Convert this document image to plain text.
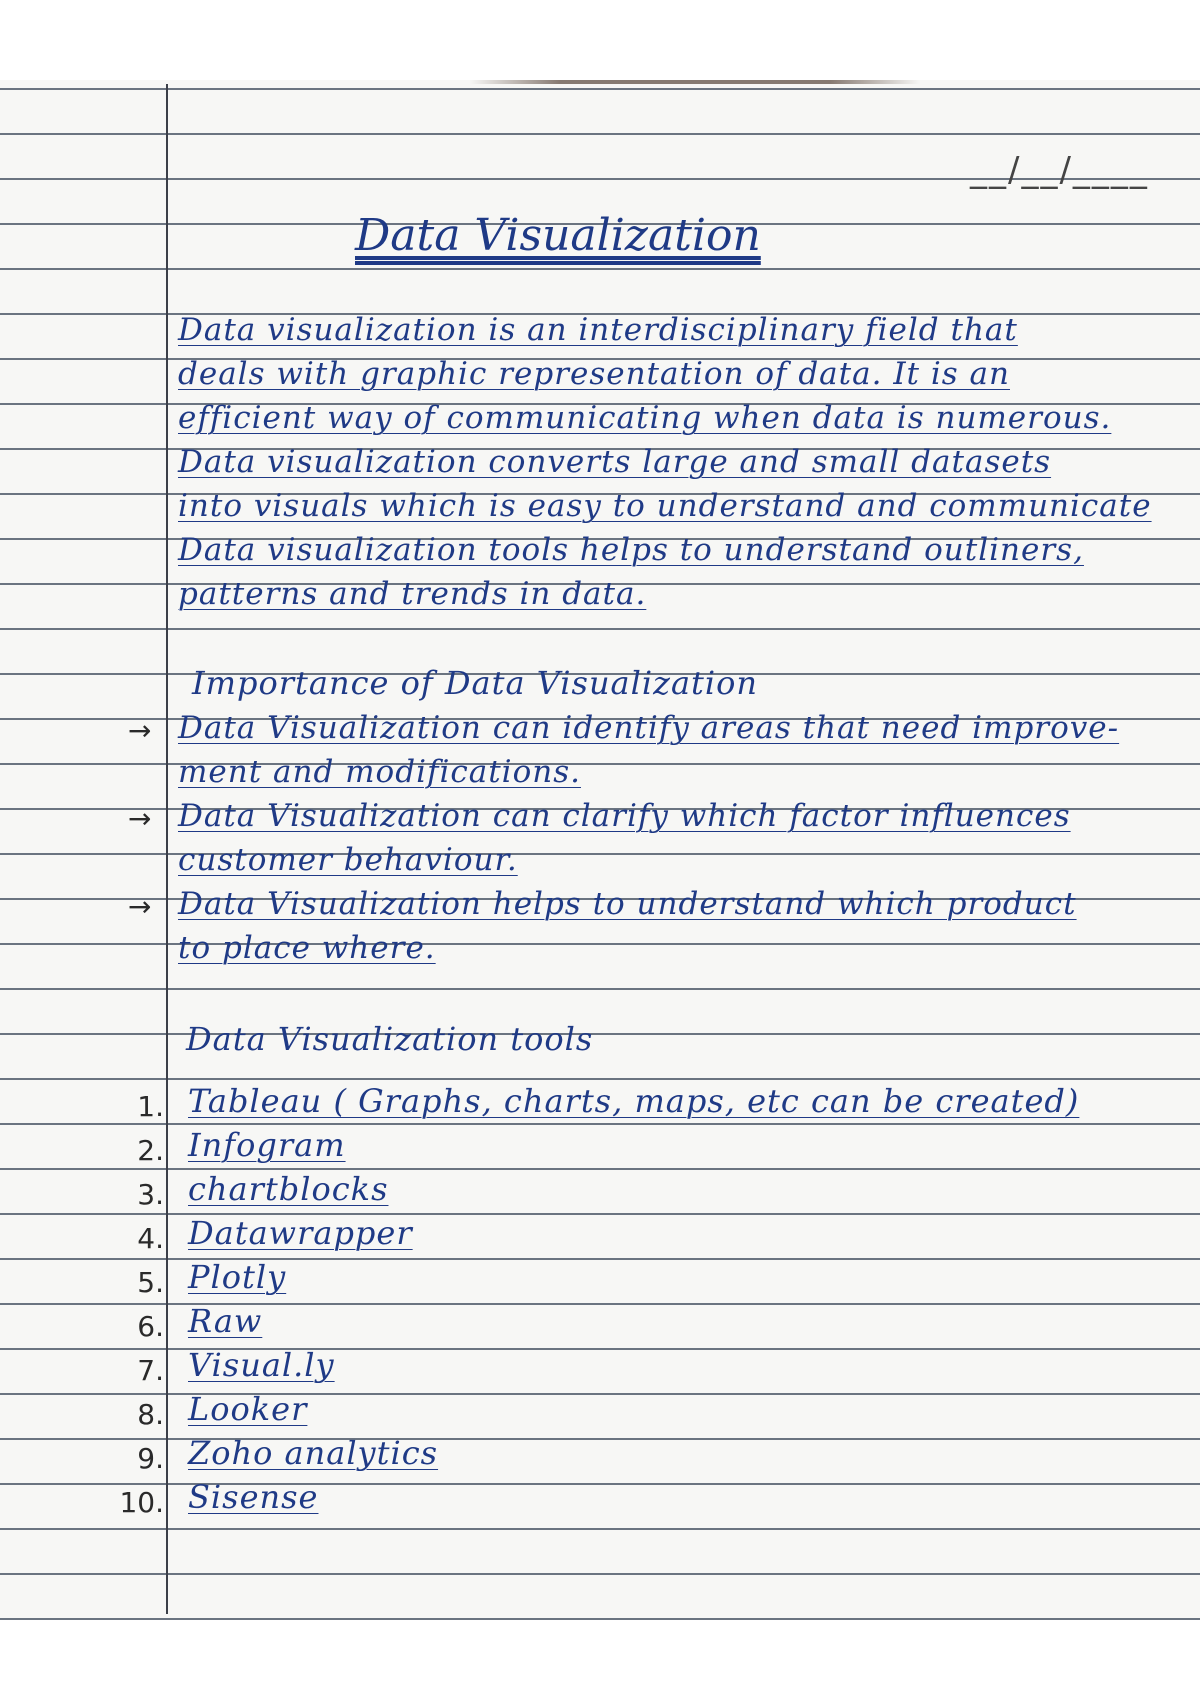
__/__/____
Data Visualization
Data visualization is an interdisciplinary field that
deals with graphic representation of data. It is an
efficient way of communicating when data is numerous.
Data visualization converts large and small datasets
into visuals which is easy to understand and communicate
Data visualization tools helps to understand outliners,
patterns and trends in data.
Importance of Data Visualization
→ Data Visualization can identify areas that need improve-
ment and modifications.
→ Data Visualization can clarify which factor influences
customer behaviour.
→ Data Visualization helps to understand which product
to place where.
Data Visualization tools
1. Tableau ( Graphs, charts, maps, etc can be created)
2. Infogram
3. chartblocks
4. Datawrapper
5. Plotly
6. Raw
7. Visual.ly
8. Looker
9. Zoho analytics
10. Sisense
